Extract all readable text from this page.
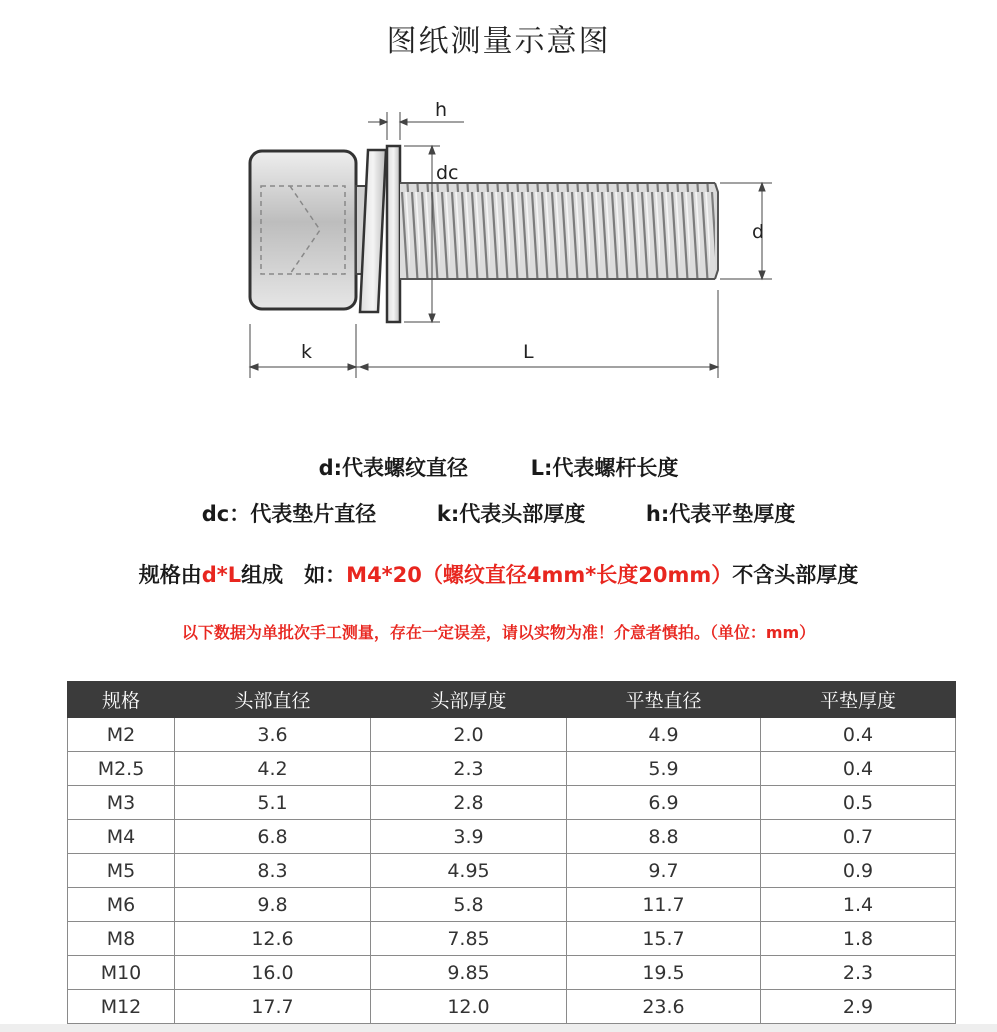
图纸测量示意图
h
dc
d
k	L
d:代表螺纹直径	L:代表螺杆长度
dc：代表垫片直径	k:代表头部厚度	h:代表平垫厚度
规格由d*L组成　如：M4*20（螺纹直径4mm*长度20mm）不含头部厚度
以下数据为单批次手工测量，存在一定误差，请以实物为准！介意者慎拍。（单位：mm）
规格	头部直径	头部厚度	平垫直径	平垫厚度
M2	3.6	2.0	4.9	0.4
M2.5	4.2	2.3	5.9	0.4
M3	5.1	2.8	6.9	0.5
M4	6.8	3.9	8.8	0.7
M5	8.3	4.95	9.7	0.9
M6	9.8	5.8	11.7	1.4
M8	12.6	7.85	15.7	1.8
M10	16.0	9.85	19.5	2.3
M12	17.7	12.0	23.6	2.9
